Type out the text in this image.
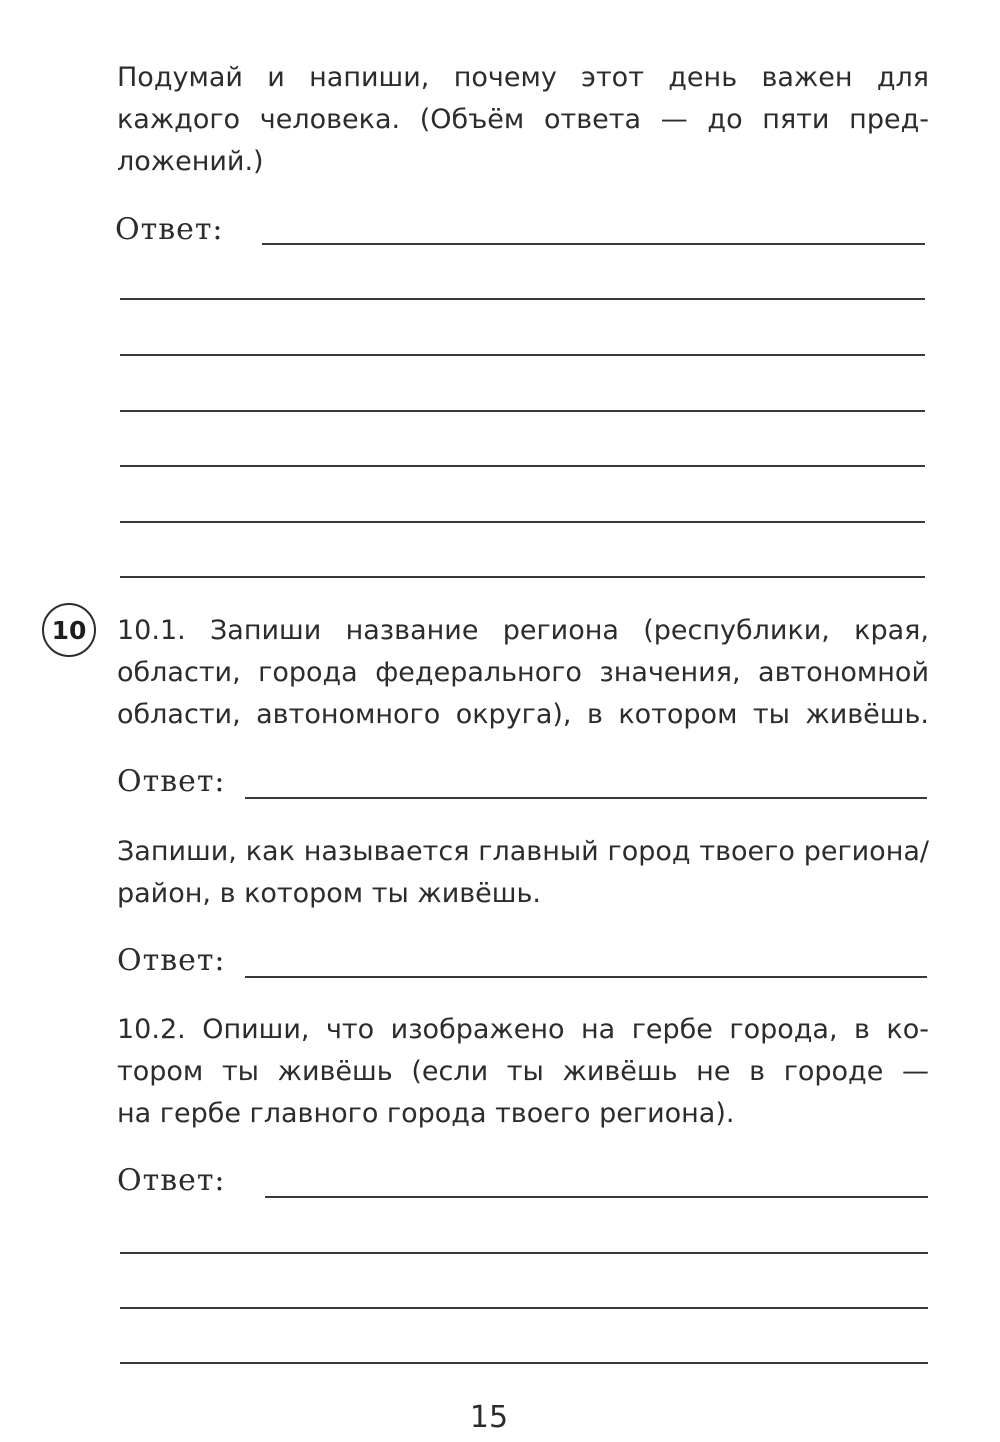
Подумай и напиши, почему этот день важен для
каждого человека. (Объём ответа — до пяти пред-
ложений.)

Ответ:
10	10.1. Запиши название региона (республики, края,
области, города федерального значения, автономной
области, автономного округа), в котором ты живёшь.

Ответ:

Запиши, как называется главный город твоего региона/
район, в котором ты живёшь.

Ответ:

10.2. Опиши, что изображено на гербе города, в ко-
тором ты живёшь (если ты живёшь не в городе —
на гербе главного города твоего региона).

Ответ:
15
